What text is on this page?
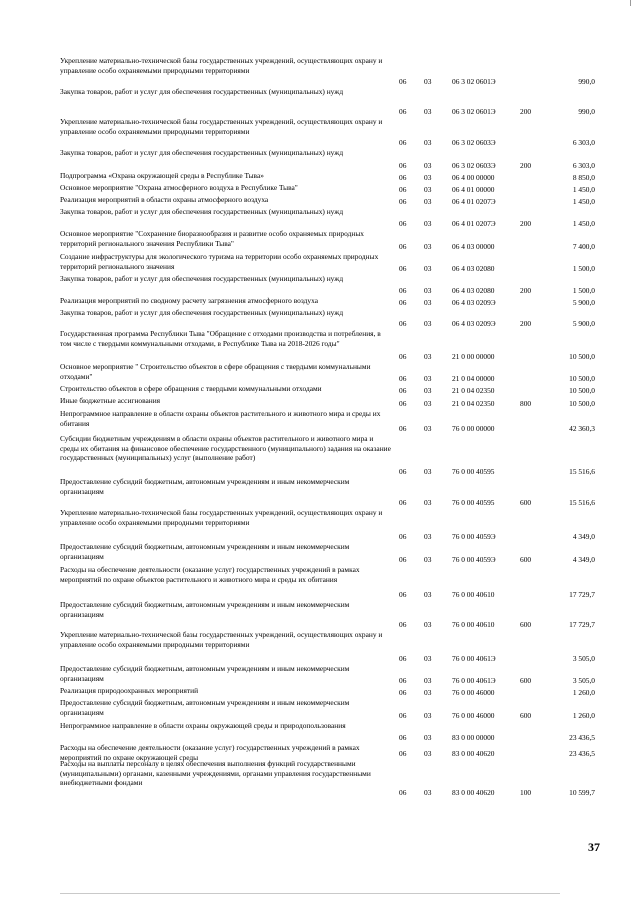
Укрепление материально-технической базы государственных учреждений, осуществляющих охрану и управление особо охраняемыми природными территориями
06 03	06 3 02 0601Э	990,0
Закупка товаров, работ и услуг для обеспечения государственных (муниципальных) нужд
06 03	06 3 02 0601Э	200	990,0
Укрепление материально-технической базы государственных учреждений, осуществляющих охрану и управление особо охраняемыми природными территориями
06 03	06 3 02 0603Э	6 303,0
Закупка товаров, работ и услуг для обеспечения государственных (муниципальных) нужд
06 03	06 3 02 0603Э	200	6 303,0
Подпрограмма «Охрана окружающей среды в Республике Тыва»	06 03	06 4 00 00000	8 850,0
Основное мероприятие "Охрана атмосферного воздуха в Республике Тыва"	06 03	06 4 01 00000	1 450,0
Реализация мероприятий в области охраны атмосферного воздуха	06 03	06 4 01 0207Э	1 450,0
Закупка товаров, работ и услуг для обеспечения государственных (муниципальных) нужд
06 03	06 4 01 0207Э	200	1 450,0
Основное мероприятие "Сохранение биоразнообразия и развитие особо охраняемых природных территорий регионального значения Республики Тыва"	06 03	06 4 03 00000	7 400,0
Создание инфраструктуры для экологического туризма на территории особо охраняемых природных территорий регионального значения	06 03	06 4 03 02080	1 500,0
Закупка товаров, работ и услуг для обеспечения государственных (муниципальных) нужд
06 03	06 4 03 02080	200	1 500,0
Реализация мероприятий по сводному расчету загрязнения атмосферного воздуха	06 03	06 4 03 0209Э	5 900,0
Закупка товаров, работ и услуг для обеспечения государственных (муниципальных) нужд
06 03	06 4 03 0209Э	200	5 900,0
Государственная программа Республики Тыва "Обращение с отходами производства и потребления, в том числе с твердыми коммунальными отходами, в Республике Тыва на 2018-2026 годы"
06 03	21 0 00 00000	10 500,0
Основное мероприятие " Строительство объектов в сфере обращения с твердыми коммунальными отходами"	06 03	21 0 04 00000	10 500,0
Строительство объектов в сфере обращения с твердыми коммунальными отходами	06 03	21 0 04 02350	10 500,0
Иные бюджетные ассигнования	06 03	21 0 04 02350	800	10 500,0
Непрограммное направление в области охраны объектов растительного и животного мира и среды их обитания
06 03	76 0 00 00000	42 360,3
Субсидии бюджетным учреждениям в области охраны объектов растительного и животного мира и среды их обитания на финансовое обеспечение государственного (муниципального) задания на оказание государственных (муниципальных) услуг (выполнение работ)
06 03	76 0 00 40595	15 516,6
Предоставление субсидий бюджетным, автономным учреждениям и иным некоммерческим организациям
06 03	76 0 00 40595	600	15 516,6
Укрепление материально-технической базы государственных учреждений, осуществляющих охрану и управление особо охраняемыми природными территориями
06 03	76 0 00 4059Э	4 349,0
Предоставление субсидий бюджетным, автономным учреждениям и иным некоммерческим организациям	06 03	76 0 00 4059Э	600	4 349,0
Расходы на обеспечение деятельности (оказание услуг) государственных учреждений в рамках мероприятий по охране объектов растительного и животного мира и среды их обитания
06 03	76 0 00 40610	17 729,7
Предоставление субсидий бюджетным, автономным учреждениям и иным некоммерческим организациям
06 03	76 0 00 40610	600	17 729,7
Укрепление материально-технической базы государственных учреждений, осуществляющих охрану и управление особо охраняемыми природными территориями
06 03	76 0 00 4061Э	3 505,0
Предоставление субсидий бюджетным, автономным учреждениям и иным некоммерческим организациям	06 03	76 0 00 4061Э	600	3 505,0
Реализация природоохранных мероприятий	06 03	76 0 00 46000	1 260,0
Предоставление субсидий бюджетным, автономным учреждениям и иным некоммерческим организациям	06 03	76 0 00 46000	600	1 260,0
Непрограммное направление в области охраны окружающей среды и природопользования
06 03	83 0 00 00000	23 436,5
Расходы на обеспечение деятельности (оказание услуг) государственных учреждений в рамках мероприятий по охране окружающей среды	06 03	83 0 00 40620	23 436,5
Расходы на выплаты персоналу в целях обеспечения выполнения функций государственными (муниципальными) органами, казенными учреждениями, органами управления государственными внебюджетными фондами
06 03	83 0 00 40620	100	10 599,7
37
